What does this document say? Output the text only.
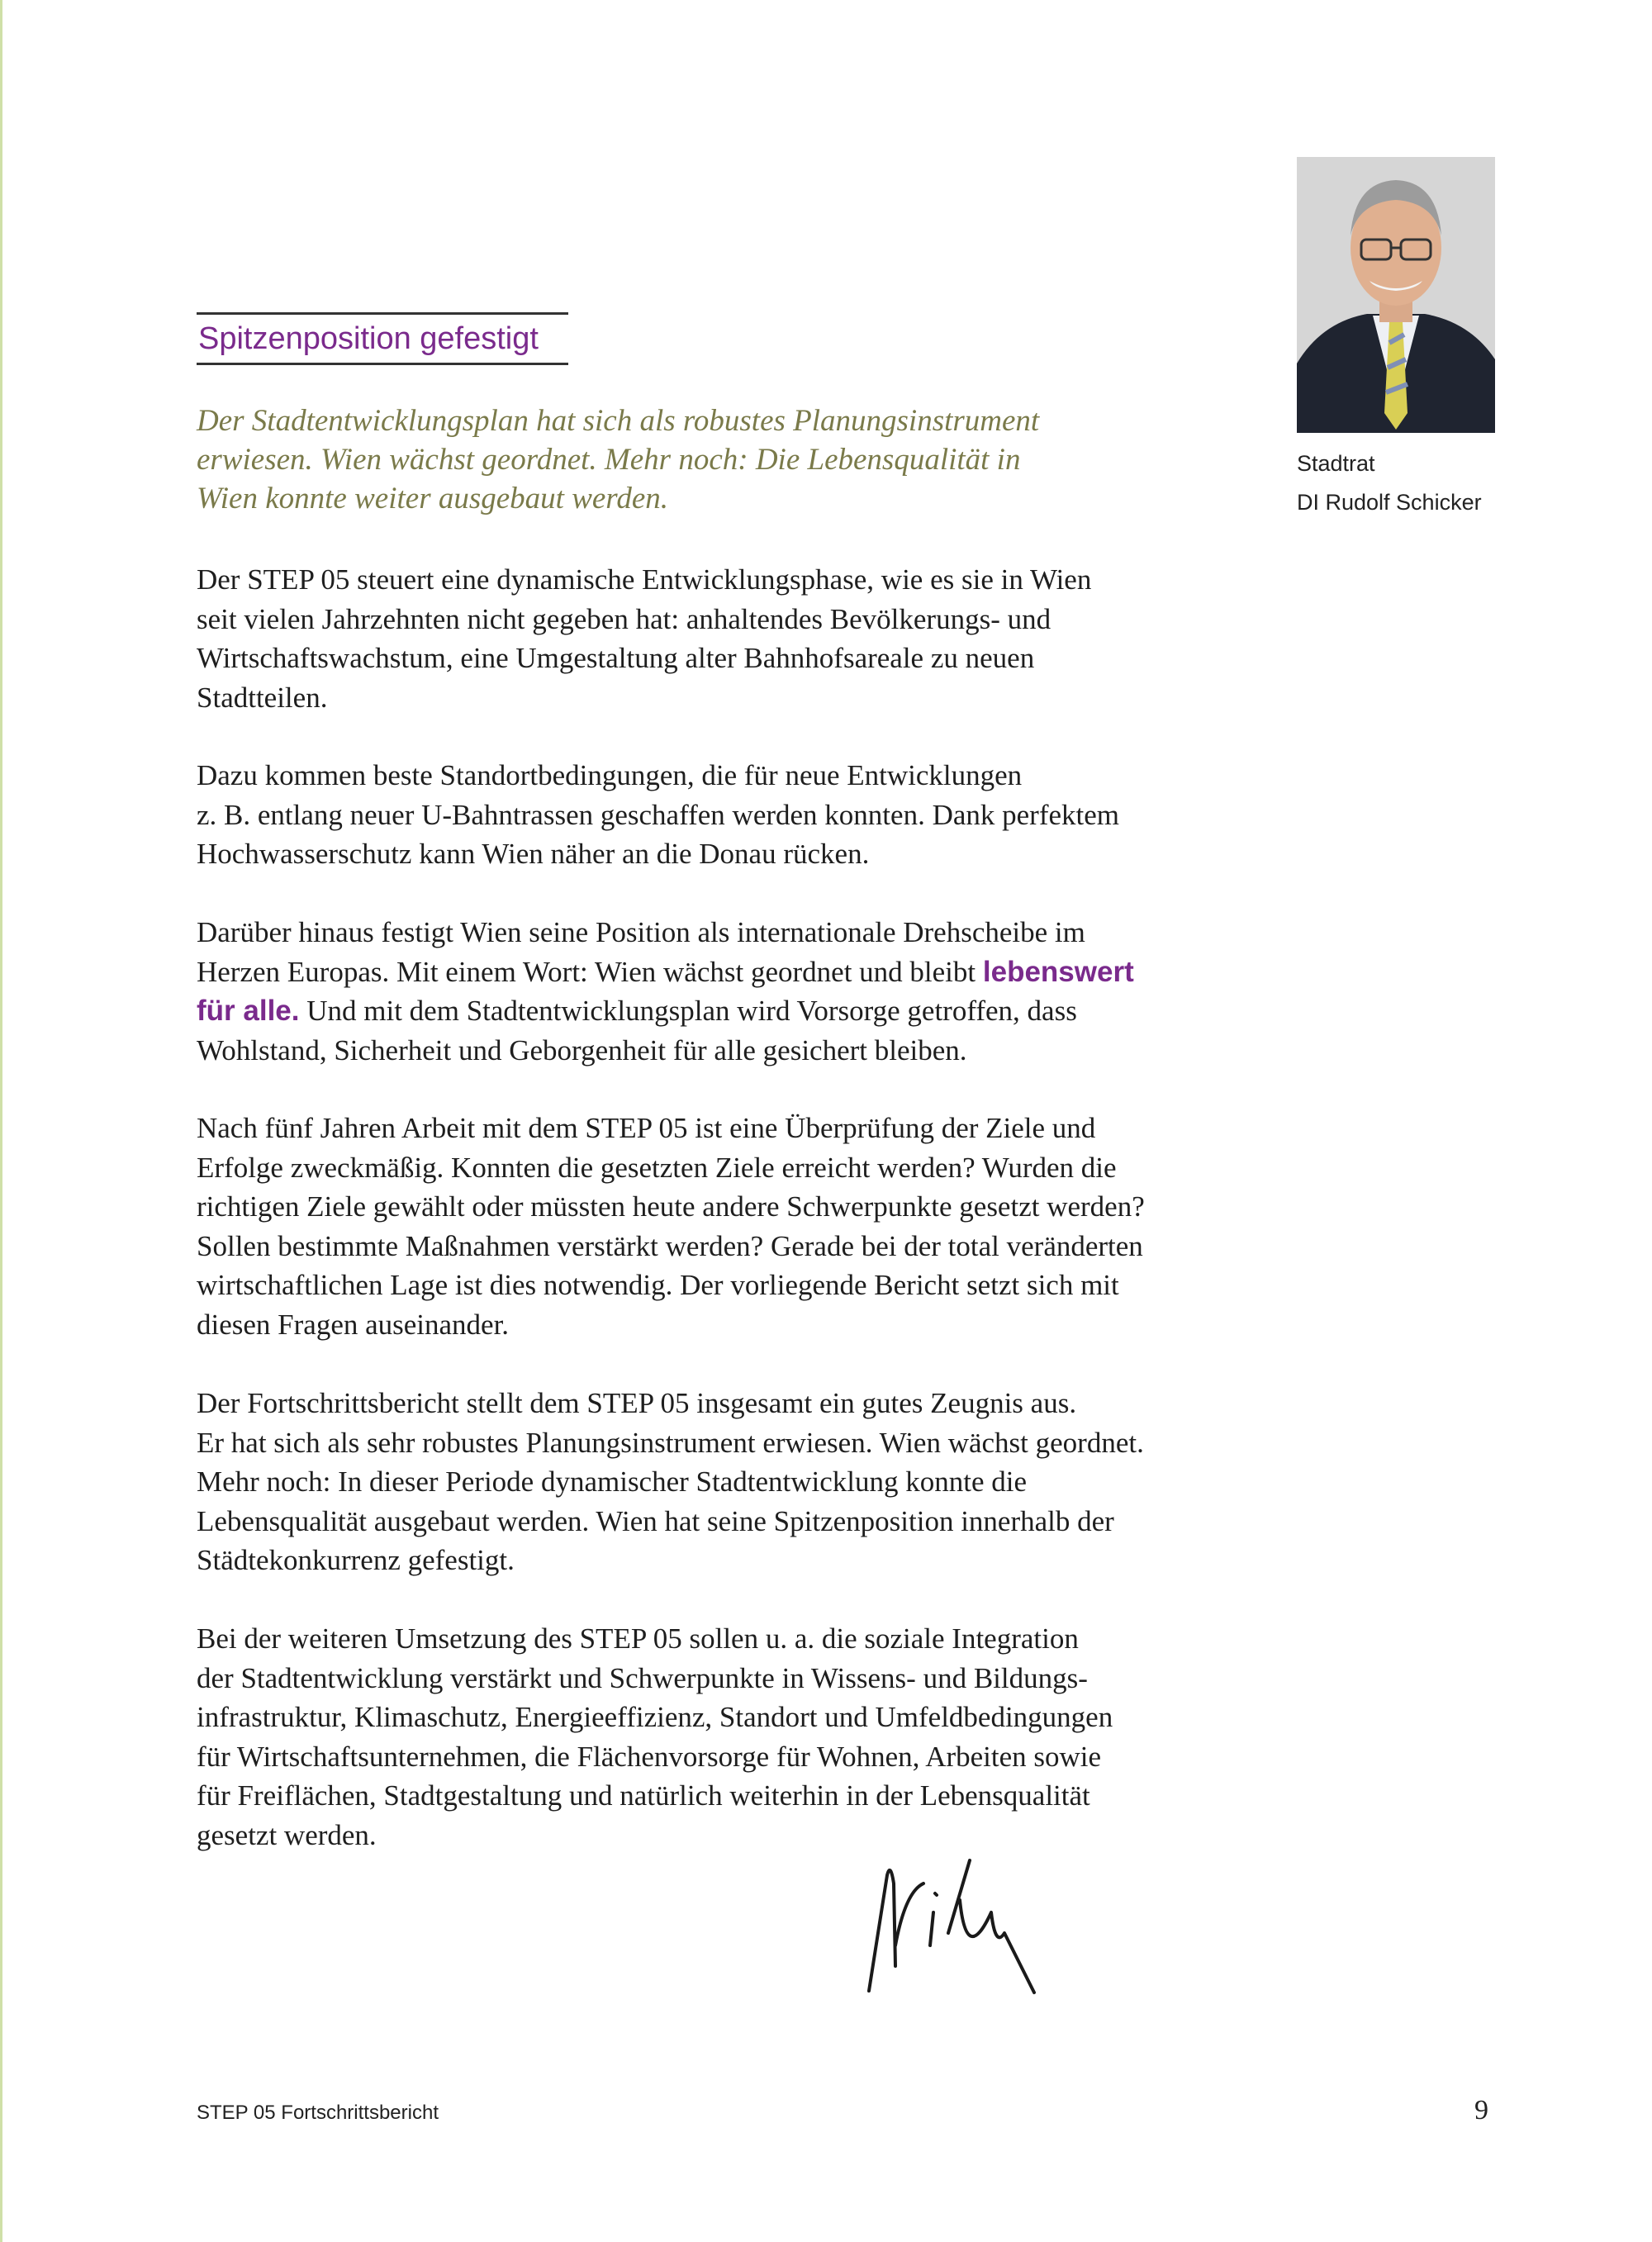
Spitzenposition gefestigt
Der Stadtentwicklungsplan hat sich als robustes Planungsinstrument
erwiesen. Wien wächst geordnet. Mehr noch: Die Lebensqualität in
Wien konnte weiter ausgebaut werden.
Der STEP 05 steuert eine dynamische Entwicklungsphase, wie es sie in Wien
seit vielen Jahrzehnten nicht gegeben hat: anhaltendes Bevölkerungs- und
Wirtschaftswachstum, eine Umgestaltung alter Bahnhofsareale zu neuen
Stadtteilen.
Dazu kommen beste Standortbedingungen, die für neue Entwicklungen
z. B. entlang neuer U-Bahntrassen geschaffen werden konnten. Dank perfektem
Hochwasserschutz kann Wien näher an die Donau rücken.
Darüber hinaus festigt Wien seine Position als internationale Drehscheibe im
Herzen Europas. Mit einem Wort: Wien wächst geordnet und bleibt lebenswert
für alle. Und mit dem Stadtentwicklungsplan wird Vorsorge getroffen, dass
Wohlstand, Sicherheit und Geborgenheit für alle gesichert bleiben.
Nach fünf Jahren Arbeit mit dem STEP 05 ist eine Überprüfung der Ziele und
Erfolge zweckmäßig. Konnten die gesetzten Ziele erreicht werden? Wurden die
richtigen Ziele gewählt oder müssten heute andere Schwerpunkte gesetzt werden?
Sollen bestimmte Maßnahmen verstärkt werden? Gerade bei der total veränderten
wirtschaftlichen Lage ist dies notwendig. Der vorliegende Bericht setzt sich mit
diesen Fragen auseinander.
Der Fortschrittsbericht stellt dem STEP 05 insgesamt ein gutes Zeugnis aus.
Er hat sich als sehr robustes Planungsinstrument erwiesen. Wien wächst geordnet.
Mehr noch: In dieser Periode dynamischer Stadtentwicklung konnte die
Lebensqualität ausgebaut werden. Wien hat seine Spitzenposition innerhalb der
Städtekonkurrenz gefestigt.
Bei der weiteren Umsetzung des STEP 05 sollen u. a. die soziale Integration
der Stadtentwicklung verstärkt und Schwerpunkte in Wissens- und Bildungs-
infrastruktur, Klimaschutz, Energieeffizienz, Standort und Umfeldbedingungen
für Wirtschaftsunternehmen, die Flächenvorsorge für Wohnen, Arbeiten sowie
für Freiflächen, Stadtgestaltung und natürlich weiterhin in der Lebensqualität
gesetzt werden.
Stadtrat
DI Rudolf Schicker
STEP 05 Fortschrittsbericht	9
